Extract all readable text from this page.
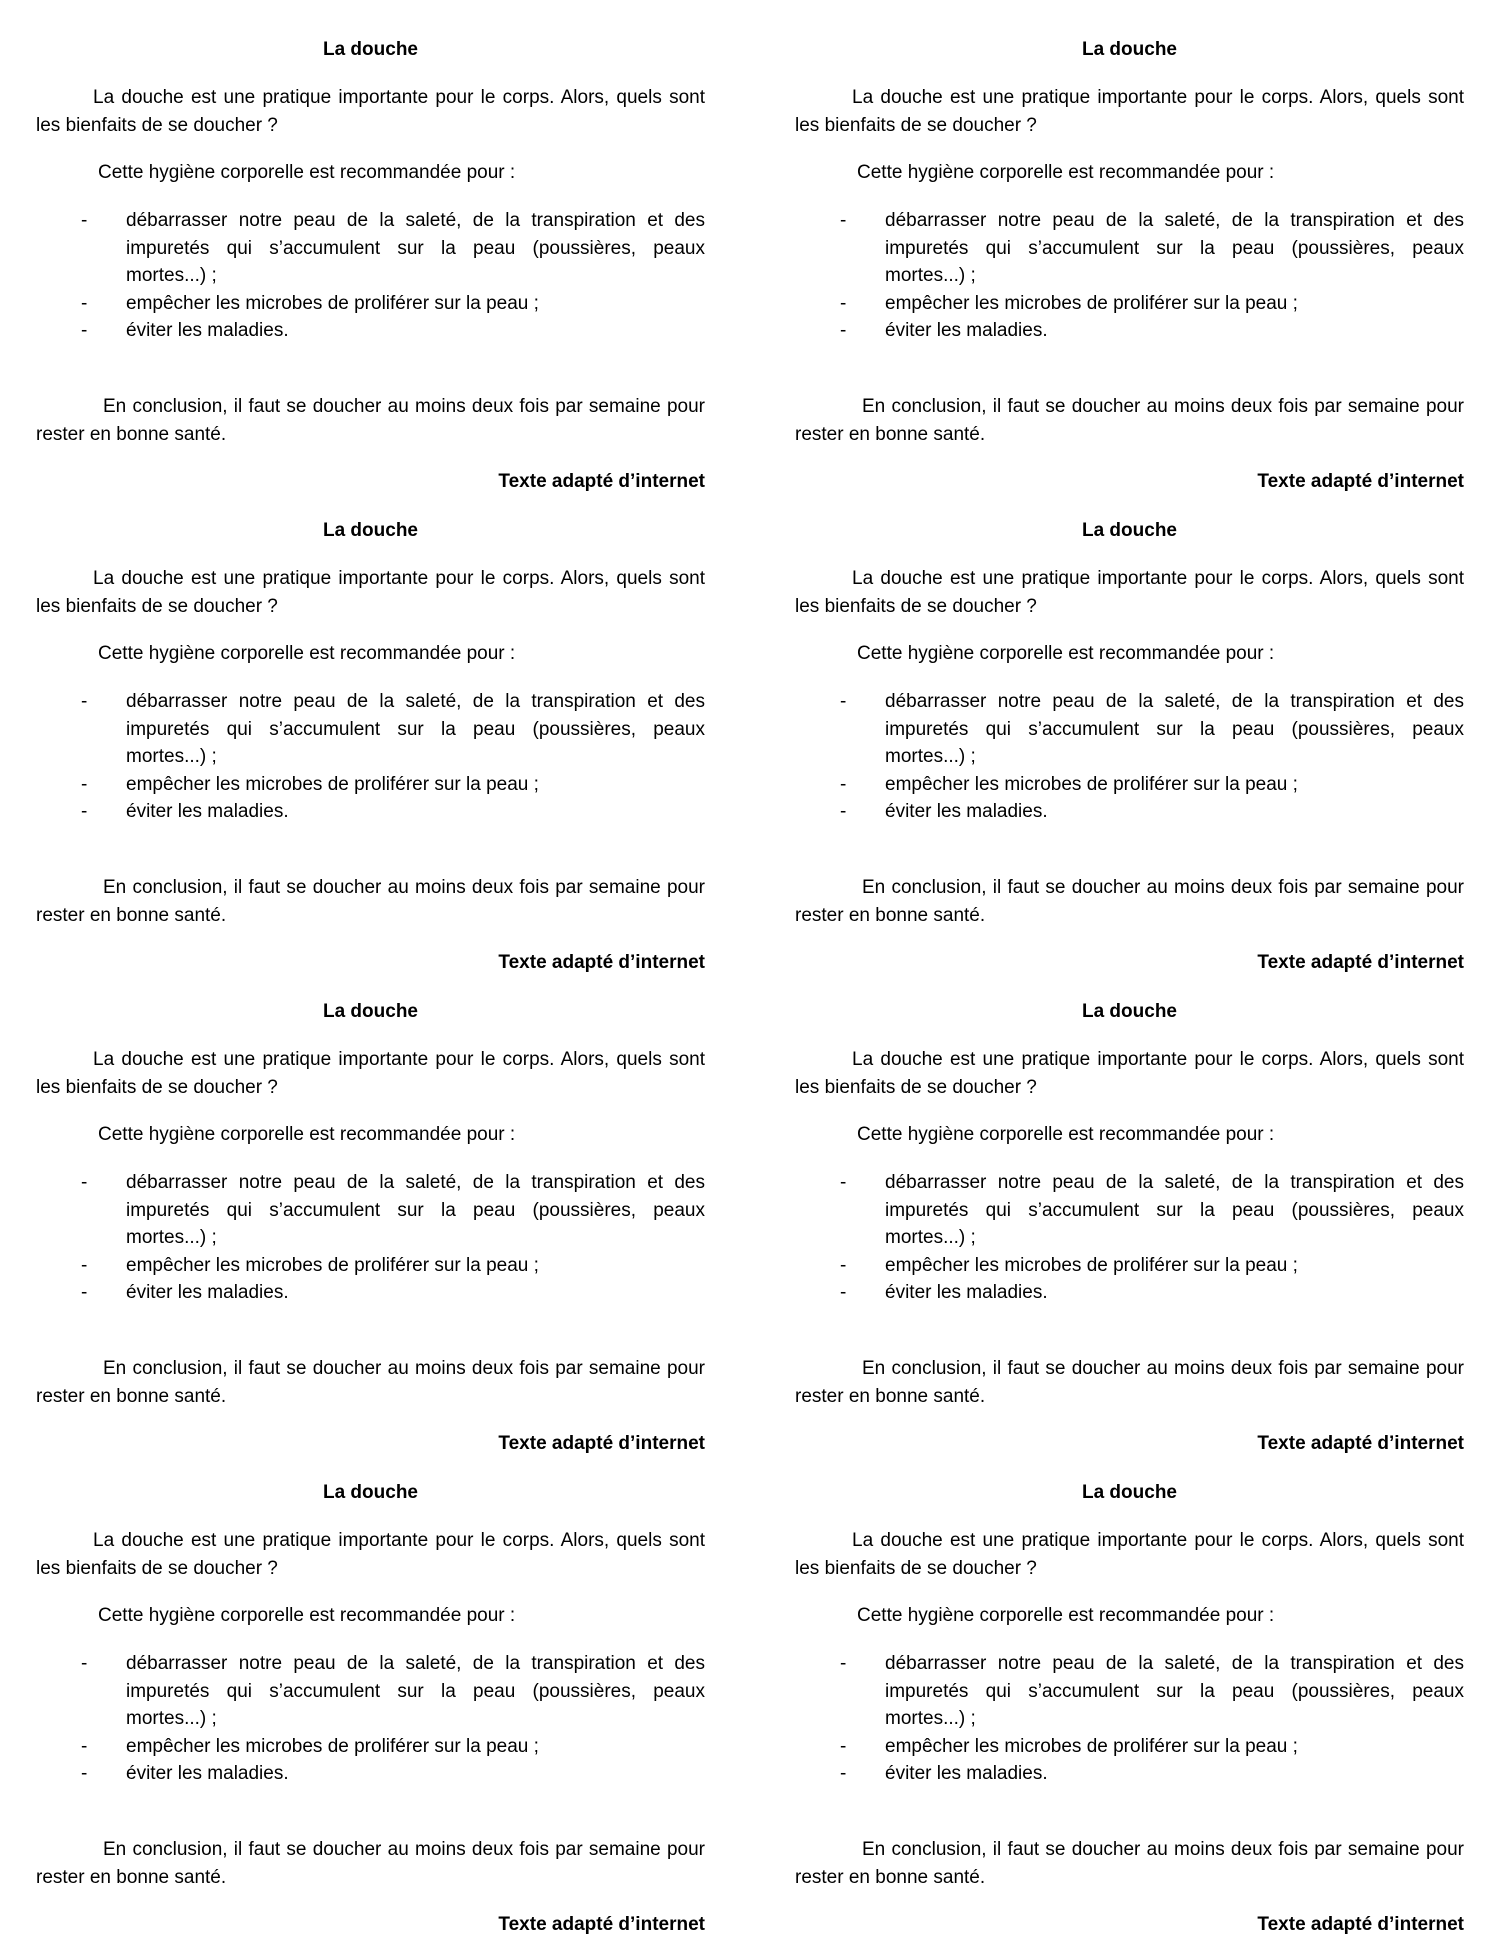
La douche

La douche est une pratique importante pour le corps. Alors, quels sont les bienfaits de se doucher ?

Cette hygiène corporelle est recommandée pour :

- débarrasser notre peau de la saleté, de la transpiration et des impuretés qui s’accumulent sur la peau (poussières, peaux mortes...) ;
- empêcher les microbes de proliférer sur la peau ;
- éviter les maladies.

En conclusion, il faut se doucher au moins deux fois par semaine pour rester en bonne santé.

Texte adapté d’internet
La douche

La douche est une pratique importante pour le corps. Alors, quels sont les bienfaits de se doucher ?

Cette hygiène corporelle est recommandée pour :

- débarrasser notre peau de la saleté, de la transpiration et des impuretés qui s’accumulent sur la peau (poussières, peaux mortes...) ;
- empêcher les microbes de proliférer sur la peau ;
- éviter les maladies.

En conclusion, il faut se doucher au moins deux fois par semaine pour rester en bonne santé.

Texte adapté d’internet
La douche

La douche est une pratique importante pour le corps. Alors, quels sont les bienfaits de se doucher ?

Cette hygiène corporelle est recommandée pour :

- débarrasser notre peau de la saleté, de la transpiration et des impuretés qui s’accumulent sur la peau (poussières, peaux mortes...) ;
- empêcher les microbes de proliférer sur la peau ;
- éviter les maladies.

En conclusion, il faut se doucher au moins deux fois par semaine pour rester en bonne santé.

Texte adapté d’internet
La douche

La douche est une pratique importante pour le corps. Alors, quels sont les bienfaits de se doucher ?

Cette hygiène corporelle est recommandée pour :

- débarrasser notre peau de la saleté, de la transpiration et des impuretés qui s’accumulent sur la peau (poussières, peaux mortes...) ;
- empêcher les microbes de proliférer sur la peau ;
- éviter les maladies.

En conclusion, il faut se doucher au moins deux fois par semaine pour rester en bonne santé.

Texte adapté d’internet
La douche

La douche est une pratique importante pour le corps. Alors, quels sont les bienfaits de se doucher ?

Cette hygiène corporelle est recommandée pour :

- débarrasser notre peau de la saleté, de la transpiration et des impuretés qui s’accumulent sur la peau (poussières, peaux mortes...) ;
- empêcher les microbes de proliférer sur la peau ;
- éviter les maladies.

En conclusion, il faut se doucher au moins deux fois par semaine pour rester en bonne santé.

Texte adapté d’internet
La douche

La douche est une pratique importante pour le corps. Alors, quels sont les bienfaits de se doucher ?

Cette hygiène corporelle est recommandée pour :

- débarrasser notre peau de la saleté, de la transpiration et des impuretés qui s’accumulent sur la peau (poussières, peaux mortes...) ;
- empêcher les microbes de proliférer sur la peau ;
- éviter les maladies.

En conclusion, il faut se doucher au moins deux fois par semaine pour rester en bonne santé.

Texte adapté d’internet
La douche

La douche est une pratique importante pour le corps. Alors, quels sont les bienfaits de se doucher ?

Cette hygiène corporelle est recommandée pour :

- débarrasser notre peau de la saleté, de la transpiration et des impuretés qui s’accumulent sur la peau (poussières, peaux mortes...) ;
- empêcher les microbes de proliférer sur la peau ;
- éviter les maladies.

En conclusion, il faut se doucher au moins deux fois par semaine pour rester en bonne santé.

Texte adapté d’internet
La douche

La douche est une pratique importante pour le corps. Alors, quels sont les bienfaits de se doucher ?

Cette hygiène corporelle est recommandée pour :

- débarrasser notre peau de la saleté, de la transpiration et des impuretés qui s’accumulent sur la peau (poussières, peaux mortes...) ;
- empêcher les microbes de proliférer sur la peau ;
- éviter les maladies.

En conclusion, il faut se doucher au moins deux fois par semaine pour rester en bonne santé.

Texte adapté d’internet
